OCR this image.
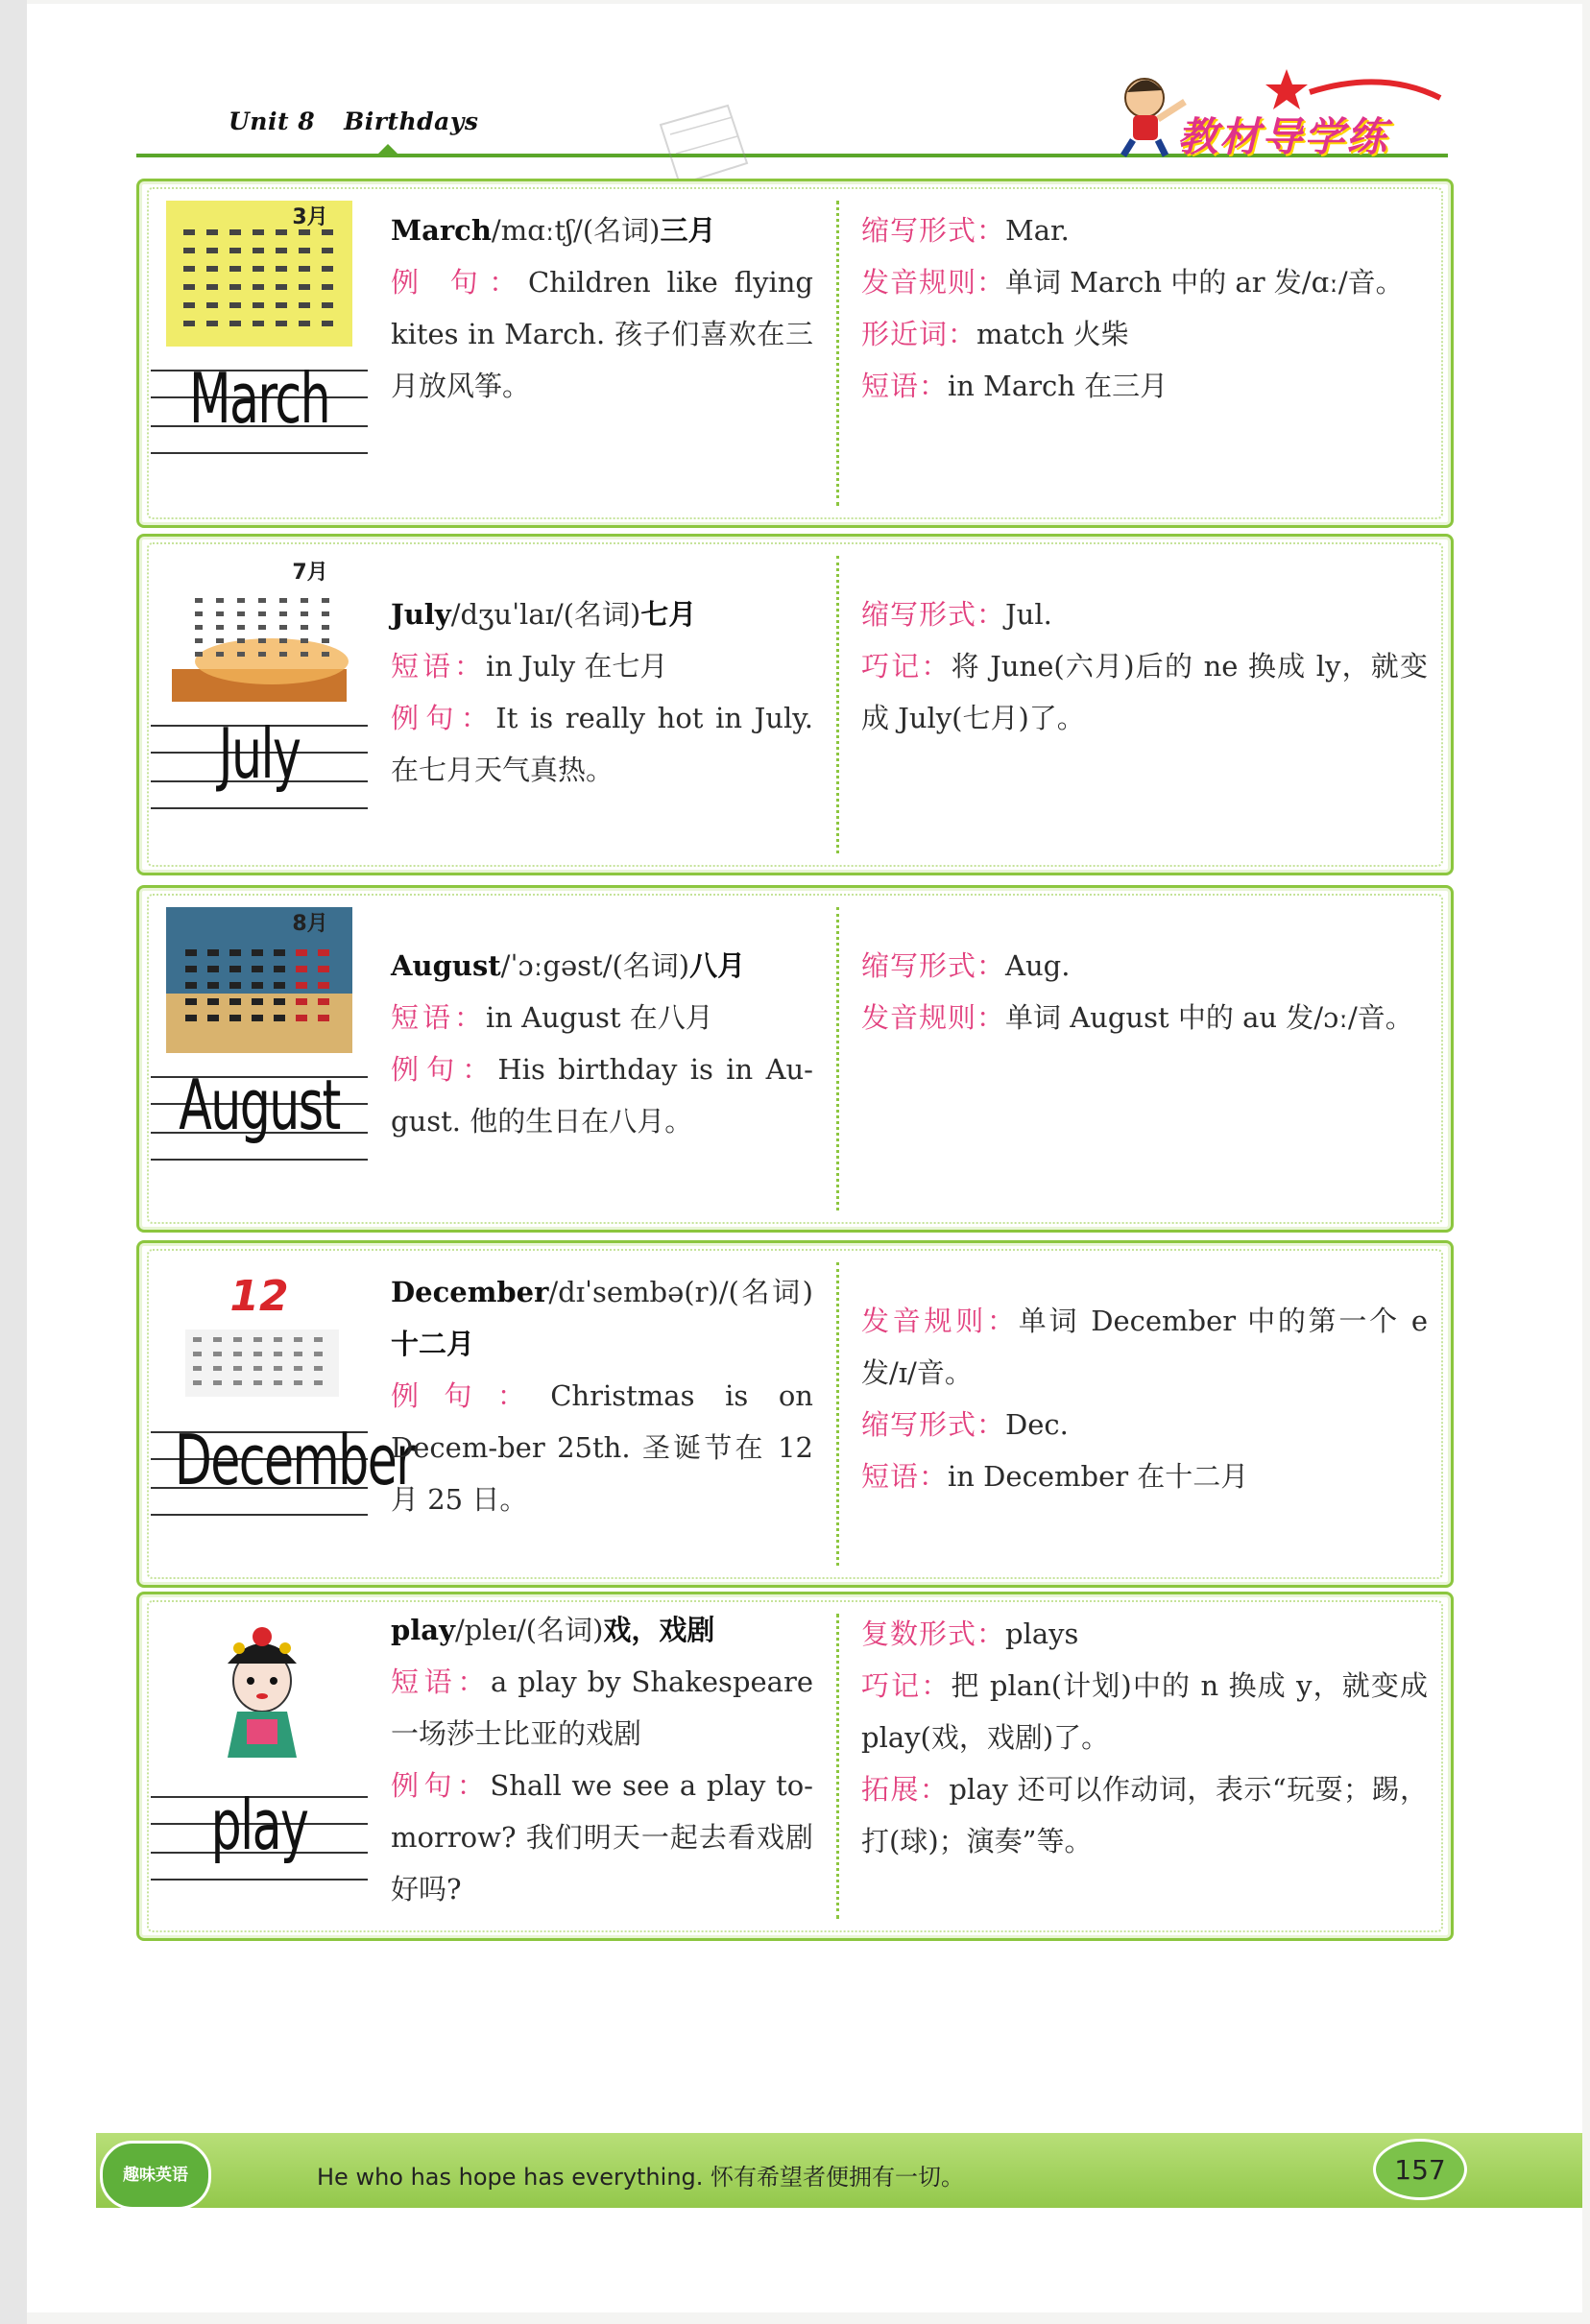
Unit 8 Birthdays	教材导学练
3月
March

March/mɑːtʃ/(名词)三月

例 句：Children like flying kites in March. 孩子们喜欢在三月放风筝。

缩写形式：Mar.

发音规则：单词 March 中的 ar 发/ɑː/音。

形近词：match 火柴

短语：in March 在三月

7月
July

July/dʒuˈlaɪ/(名词)七月

短语：in July 在七月

例句：It is really hot in July. 在七月天气真热。

缩写形式：Jul.

巧记：将 June(六月)后的 ne 换成 ly，就变成 July(七月)了。

8月
August

August/ˈɔːgəst/(名词)八月

短语：in August 在八月

例句：His birthday is in Au-gust. 他的生日在八月。

缩写形式：Aug.

发音规则：单词 August 中的 au 发/ɔː/音。

12
December

December/dɪˈsembə(r)/(名词)十二月

例句：Christmas is on Decem-ber 25th. 圣诞节在 12 月 25 日。

发音规则：单词 December 中的第一个 e 发/ɪ/音。

缩写形式：Dec.

短语：in December 在十二月

play

play/pleɪ/(名词)戏，戏剧

短语：a play by Shakespeare 一场莎士比亚的戏剧

例句：Shall we see a play to-morrow? 我们明天一起去看戏剧好吗?

复数形式：plays

巧记：把 plan(计划)中的 n 换成 y，就变成 play(戏，戏剧)了。

拓展：play 还可以作动词，表示“玩耍；踢，打(球)；演奏”等。

趣味英语	He who has hope has everything. 怀有希望者便拥有一切。	157
